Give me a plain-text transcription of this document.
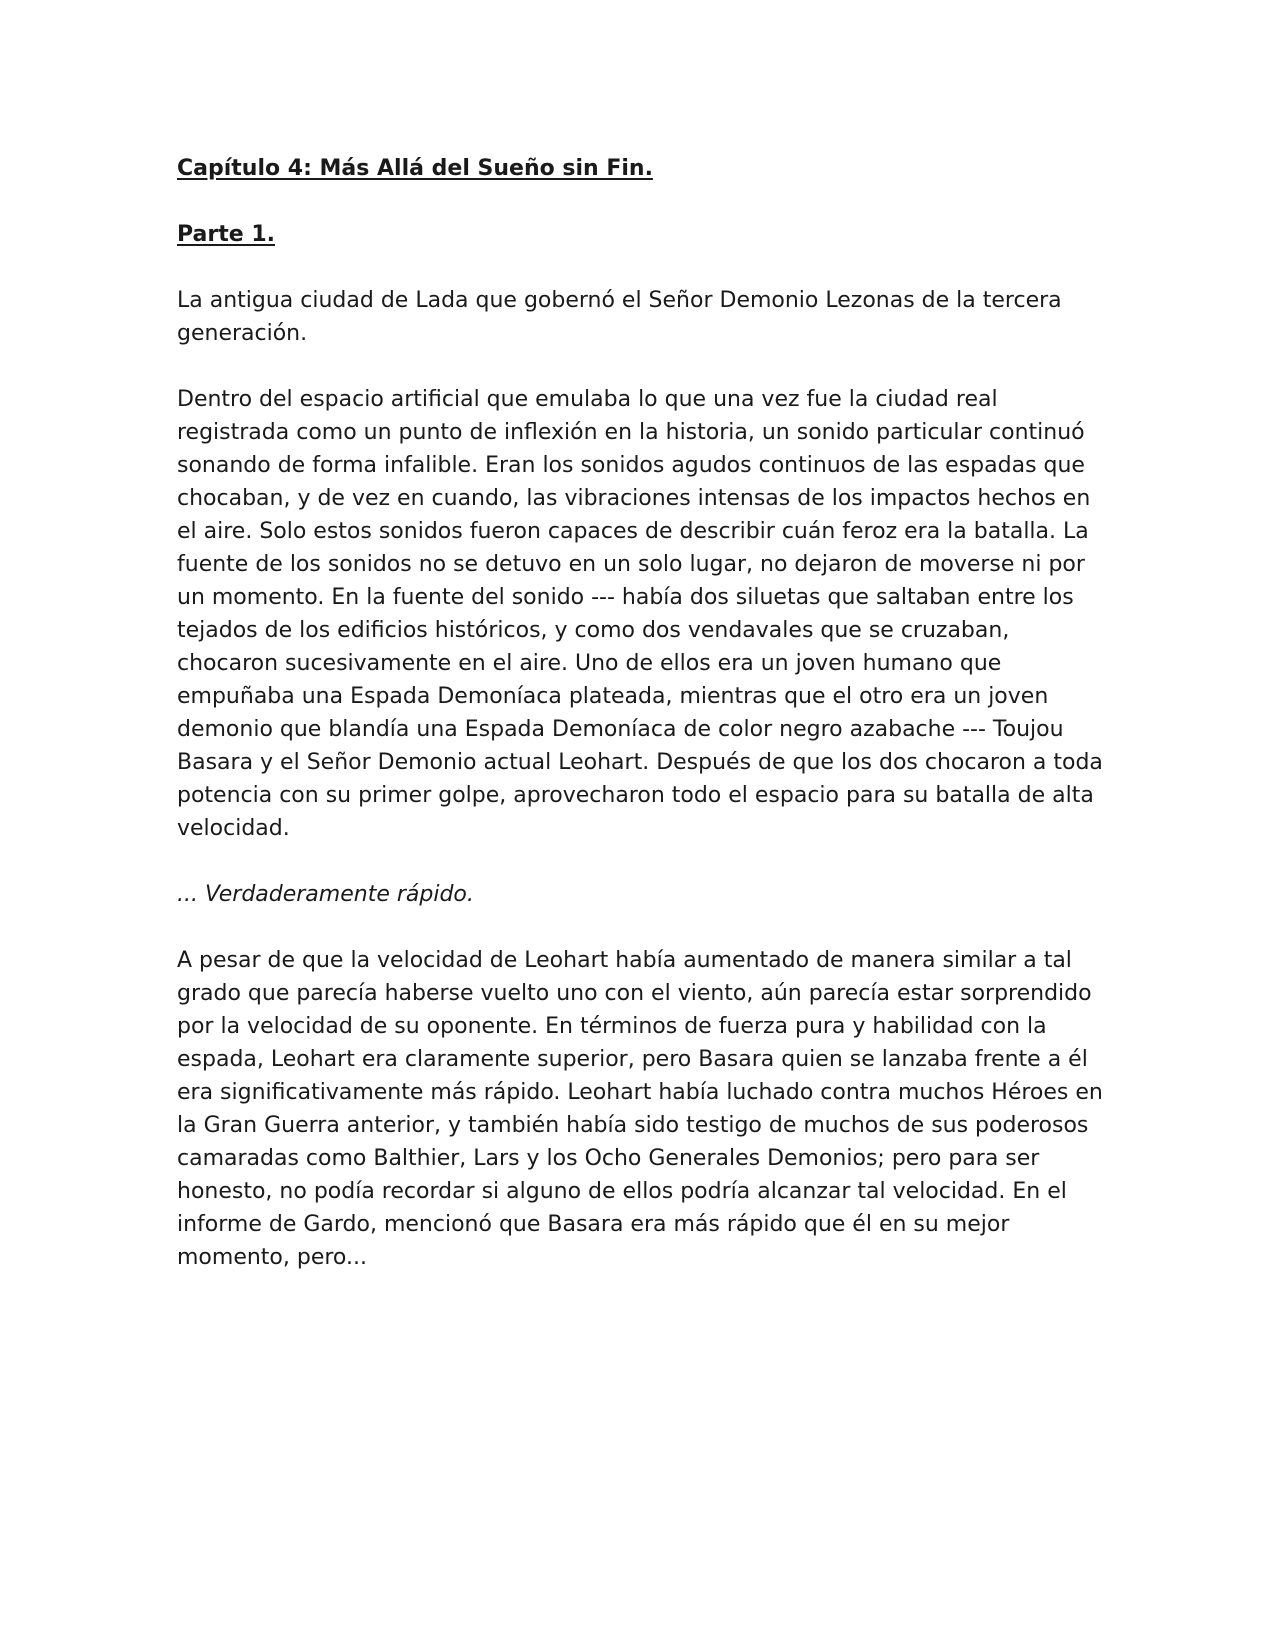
Capítulo 4: Más Allá del Sueño sin Fin.

Parte 1.

La antigua ciudad de Lada que gobernó el Señor Demonio Lezonas de la tercera generación.

Dentro del espacio artificial que emulaba lo que una vez fue la ciudad real registrada como un punto de inflexión en la historia, un sonido particular continuó sonando de forma infalible. Eran los sonidos agudos continuos de las espadas que chocaban, y de vez en cuando, las vibraciones intensas de los impactos hechos en el aire. Solo estos sonidos fueron capaces de describir cuán feroz era la batalla. La fuente de los sonidos no se detuvo en un solo lugar, no dejaron de moverse ni por un momento. En la fuente del sonido --- había dos siluetas que saltaban entre los tejados de los edificios históricos, y como dos vendavales que se cruzaban, chocaron sucesivamente en el aire. Uno de ellos era un joven humano que empuñaba una Espada Demoníaca plateada, mientras que el otro era un joven demonio que blandía una Espada Demoníaca de color negro azabache --- Toujou Basara y el Señor Demonio actual Leohart. Después de que los dos chocaron a toda potencia con su primer golpe, aprovecharon todo el espacio para su batalla de alta velocidad.

... Verdaderamente rápido.

A pesar de que la velocidad de Leohart había aumentado de manera similar a tal grado que parecía haberse vuelto uno con el viento, aún parecía estar sorprendido por la velocidad de su oponente. En términos de fuerza pura y habilidad con la espada, Leohart era claramente superior, pero Basara quien se lanzaba frente a él era significativamente más rápido. Leohart había luchado contra muchos Héroes en la Gran Guerra anterior, y también había sido testigo de muchos de sus poderosos camaradas como Balthier, Lars y los Ocho Generales Demonios; pero para ser honesto, no podía recordar si alguno de ellos podría alcanzar tal velocidad. En el informe de Gardo, mencionó que Basara era más rápido que él en su mejor momento, pero...
